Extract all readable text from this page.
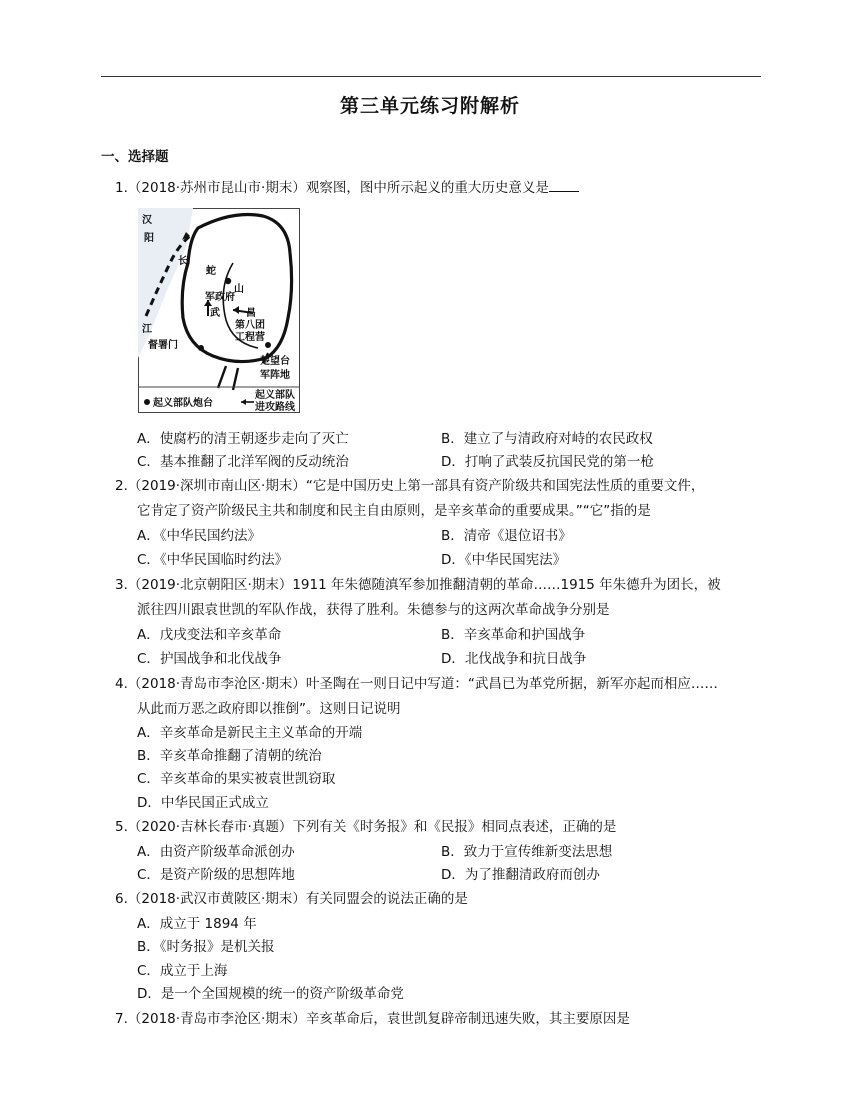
第三单元练习附解析
一、选择题
1.（2018·苏州市昆山市·期末）观察图，图中所示起义的重大历史意义是
汉
阳
长
江
蛇
山
军政府
武	昌
第八团
工程营
督署门
楚望台
军阵地
起义部队炮台
起义部队
进攻路线
A．使腐朽的清王朝逐步走向了灭亡	B．建立了与清政府对峙的农民政权
C．基本推翻了北洋军阀的反动统治	D．打响了武装反抗国民党的第一枪
2.（2019·深圳市南山区·期末）“它是中国历史上第一部具有资产阶级共和国宪法性质的重要文件，
它肯定了资产阶级民主共和制度和民主自由原则，是辛亥革命的重要成果。”“它”指的是
A．《中华民国约法》	B．清帝《退位诏书》
C．《中华民国临时约法》	D．《中华民国宪法》
3.（2019·北京朝阳区·期末）1911 年朱德随滇军参加推翻清朝的革命……1915 年朱德升为团长，被
派往四川跟袁世凯的军队作战，获得了胜利。朱德参与的这两次革命战争分别是
A．戊戌变法和辛亥革命	B．辛亥革命和护国战争
C．护国战争和北伐战争	D．北伐战争和抗日战争
4.（2018·青岛市李沧区·期末）叶圣陶在一则日记中写道：“武昌已为革党所据，新军亦起而相应……
从此而万恶之政府即以推倒”。这则日记说明
A．辛亥革命是新民主主义革命的开端
B．辛亥革命推翻了清朝的统治
C．辛亥革命的果实被袁世凯窃取
D．中华民国正式成立
5.（2020·吉林长春市·真题）下列有关《时务报》和《民报》相同点表述，正确的是
A．由资产阶级革命派创办	B．致力于宣传维新变法思想
C．是资产阶级的思想阵地	D．为了推翻清政府而创办
6.（2018·武汉市黄陂区·期末）有关同盟会的说法正确的是
A．成立于 1894 年
B．《时务报》是机关报
C．成立于上海
D．是一个全国规模的统一的资产阶级革命党
7.（2018·青岛市李沧区·期末）辛亥革命后，袁世凯复辟帝制迅速失败，其主要原因是
